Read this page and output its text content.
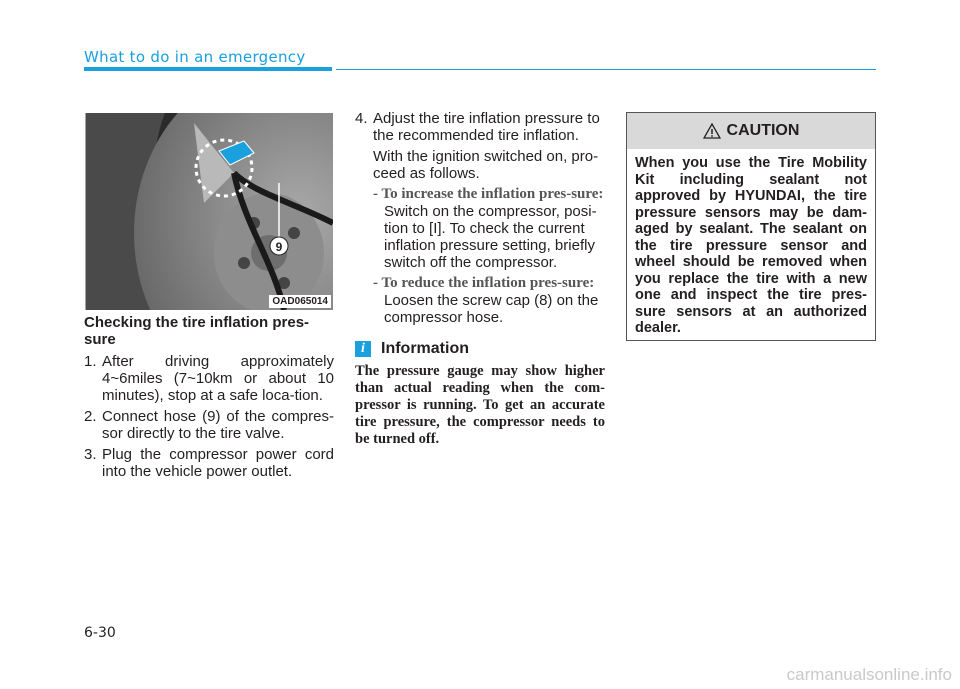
What to do in an emergency
9
OAD065014

Checking the tire inflation pres-sure

1. After driving approximately 4~6miles (7~10km or about 10 minutes), stop at a safe loca-tion.
2. Connect hose (9) of the compres-sor directly to the tire valve.
3. Plug the compressor power cord into the vehicle power outlet.
4. Adjust the tire inflation pressure to the recommended tire inflation.
With the ignition switched on, pro-ceed as follows.
- To increase the inflation pres-sure:
Switch on the compressor, posi-tion to [I]. To check the current inflation pressure setting, briefly switch off the compressor.
- To reduce the inflation pres-sure:
Loosen the screw cap (8) on the compressor hose.
i	Information
The pressure gauge may show higher than actual reading when the com-pressor is running. To get an accurate tire pressure, the compressor needs to be turned off.
CAUTION
When you use the Tire Mobility Kit including sealant not approved by HYUNDAI, the tire pressure sensors may be dam-aged by sealant. The sealant on the tire pressure sensor and wheel should be removed when you replace the tire with a new one and inspect the tire pres-sure sensors at an authorized dealer.
6-30
carmanualsonline.info
